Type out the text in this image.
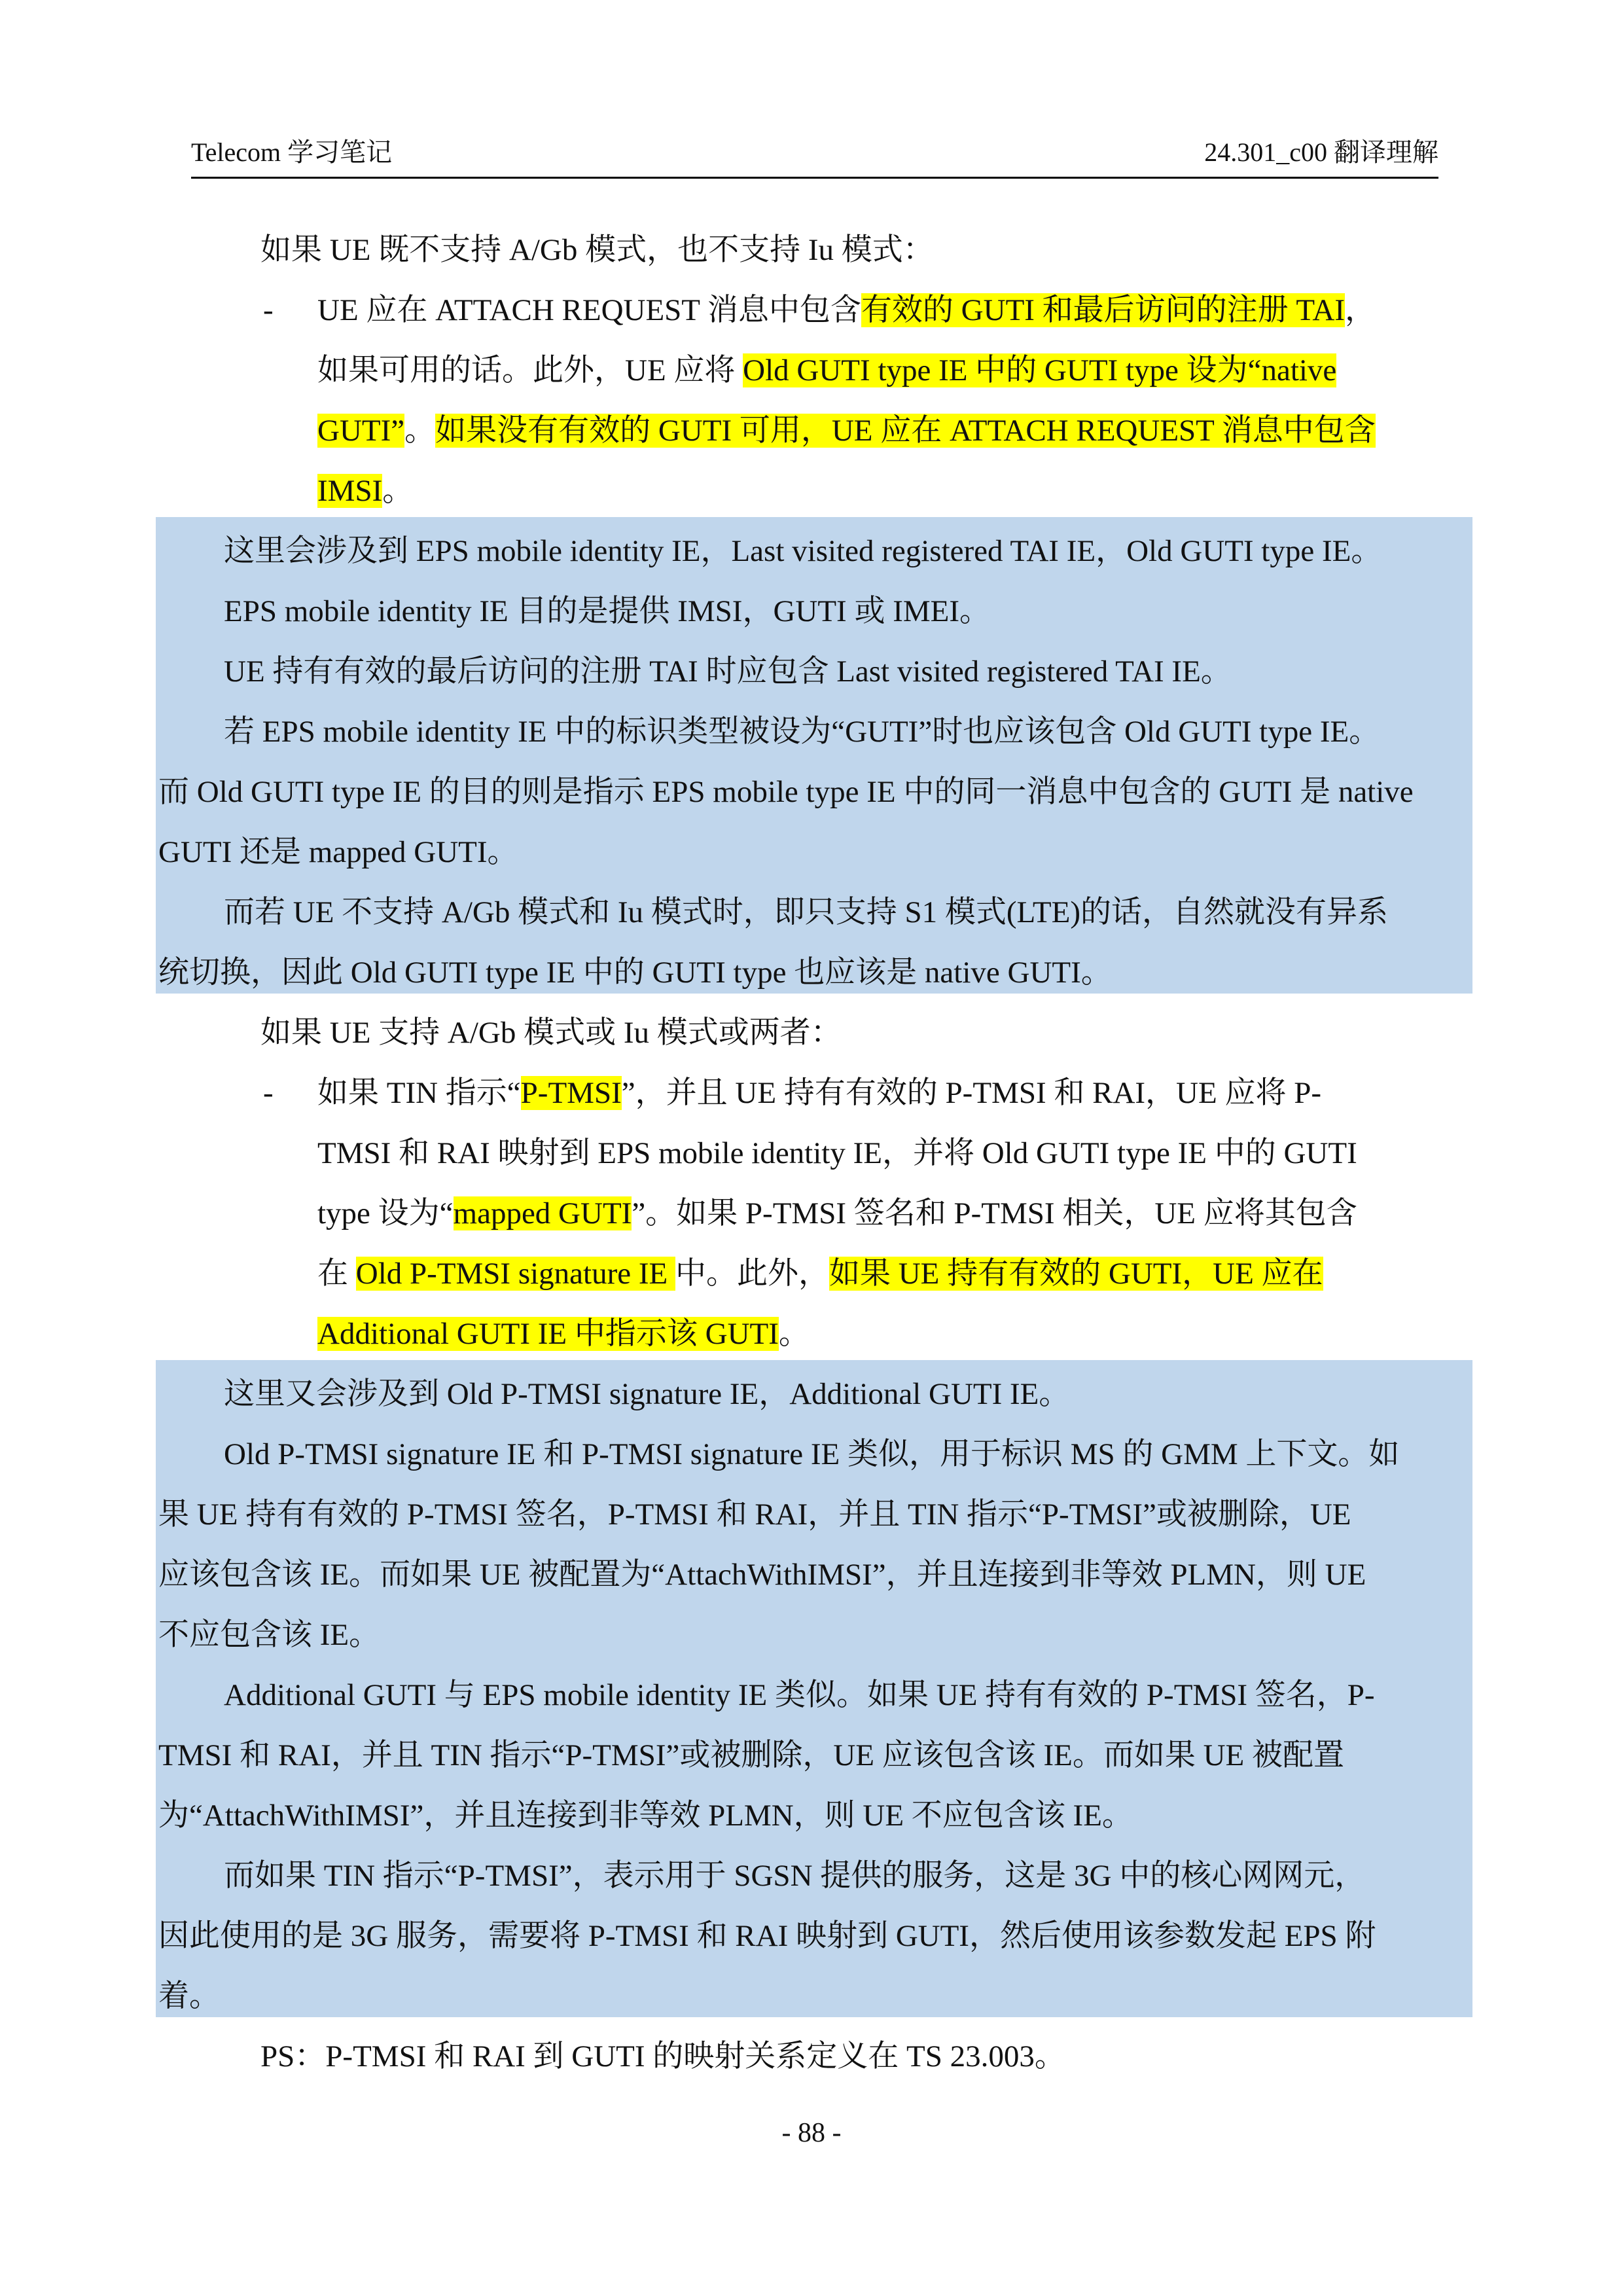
Telecom 学习笔记	24.301_c00 翻译理解
如果 UE 既不支持 A/Gb 模式，也不支持 Iu 模式：
- UE 应在 ATTACH REQUEST 消息中包含有效的 GUTI 和最后访问的注册 TAI，
如果可用的话。此外，UE 应将 Old GUTI type IE 中的 GUTI type 设为“native
GUTI”。如果没有有效的 GUTI 可用，UE 应在 ATTACH REQUEST 消息中包含
IMSI。
这里会涉及到 EPS mobile identity IE，Last visited registered TAI IE，Old GUTI type IE。
EPS mobile identity IE 目的是提供 IMSI，GUTI 或 IMEI。
UE 持有有效的最后访问的注册 TAI 时应包含 Last visited registered TAI IE。
若 EPS mobile identity IE 中的标识类型被设为“GUTI”时也应该包含 Old GUTI type IE。
而 Old GUTI type IE 的目的则是指示 EPS mobile type IE 中的同一消息中包含的 GUTI 是 native
GUTI 还是 mapped GUTI。
而若 UE 不支持 A/Gb 模式和 Iu 模式时，即只支持 S1 模式(LTE)的话，自然就没有异系
统切换，因此 Old GUTI type IE 中的 GUTI type 也应该是 native GUTI。
如果 UE 支持 A/Gb 模式或 Iu 模式或两者：
- 如果 TIN 指示“P-TMSI”，并且 UE 持有有效的 P-TMSI 和 RAI，UE 应将 P-
TMSI 和 RAI 映射到 EPS mobile identity IE，并将 Old GUTI type IE 中的 GUTI
type 设为“mapped GUTI”。如果 P-TMSI 签名和 P-TMSI 相关，UE 应将其包含
在 Old P-TMSI signature IE 中。此外，如果 UE 持有有效的 GUTI，UE 应在
Additional GUTI IE 中指示该 GUTI。
这里又会涉及到 Old P-TMSI signature IE，Additional GUTI IE。
Old P-TMSI signature IE 和 P-TMSI signature IE 类似，用于标识 MS 的 GMM 上下文。如
果 UE 持有有效的 P-TMSI 签名，P-TMSI 和 RAI，并且 TIN 指示“P-TMSI”或被删除，UE
应该包含该 IE。而如果 UE 被配置为“AttachWithIMSI”，并且连接到非等效 PLMN，则 UE
不应包含该 IE。
Additional GUTI 与 EPS mobile identity IE 类似。如果 UE 持有有效的 P-TMSI 签名，P-
TMSI 和 RAI，并且 TIN 指示“P-TMSI”或被删除，UE 应该包含该 IE。而如果 UE 被配置
为“AttachWithIMSI”，并且连接到非等效 PLMN，则 UE 不应包含该 IE。
而如果 TIN 指示“P-TMSI”，表示用于 SGSN 提供的服务，这是 3G 中的核心网网元，
因此使用的是 3G 服务，需要将 P-TMSI 和 RAI 映射到 GUTI，然后使用该参数发起 EPS 附
着。
PS：P-TMSI 和 RAI 到 GUTI 的映射关系定义在 TS 23.003。
- 88 -
